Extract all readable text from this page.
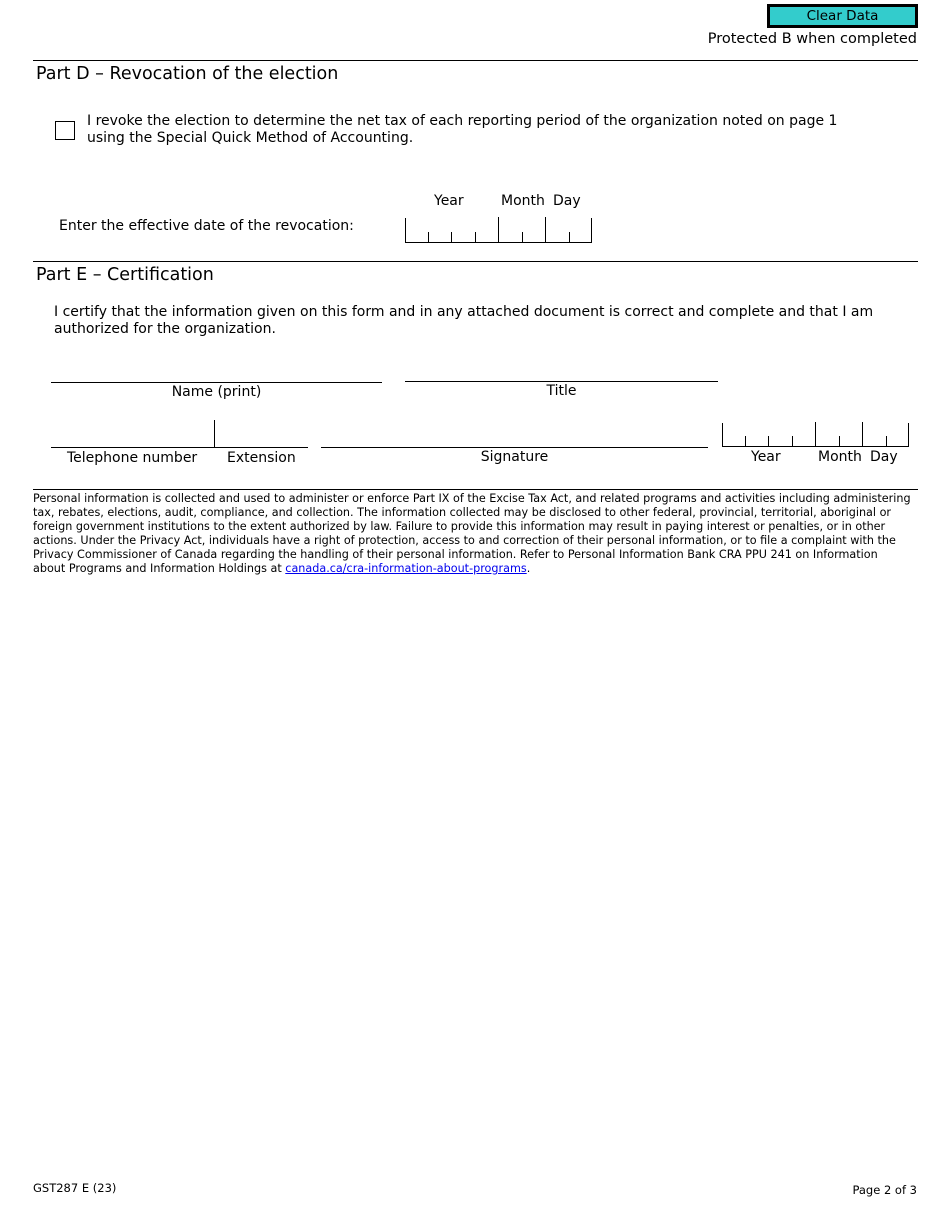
Clear Data
Protected B when completed
Part D – Revocation of the election
I revoke the election to determine the net tax of each reporting period of the organization noted on page 1 using the Special Quick Method of Accounting.
Year	Month Day
Enter the effective date of the revocation:
Part E – Certification
I certify that the information given on this form and in any attached document is correct and complete and that I am authorized for the organization.
Name (print)	Title
Telephone number Extension	Signature	Year	Month Day
Personal information is collected and used to administer or enforce Part IX of the Excise Tax Act, and related programs and activities including administering tax, rebates, elections, audit, compliance, and collection. The information collected may be disclosed to other federal, provincial, territorial, aboriginal or foreign government institutions to the extent authorized by law. Failure to provide this information may result in paying interest or penalties, or in other actions. Under the Privacy Act, individuals have a right of protection, access to and correction of their personal information, or to file a complaint with the Privacy Commissioner of Canada regarding the handling of their personal information. Refer to Personal Information Bank CRA PPU 241 on Information about Programs and Information Holdings at canada.ca/cra-information-about-programs.
GST287 E (23)	Page 2 of 3
